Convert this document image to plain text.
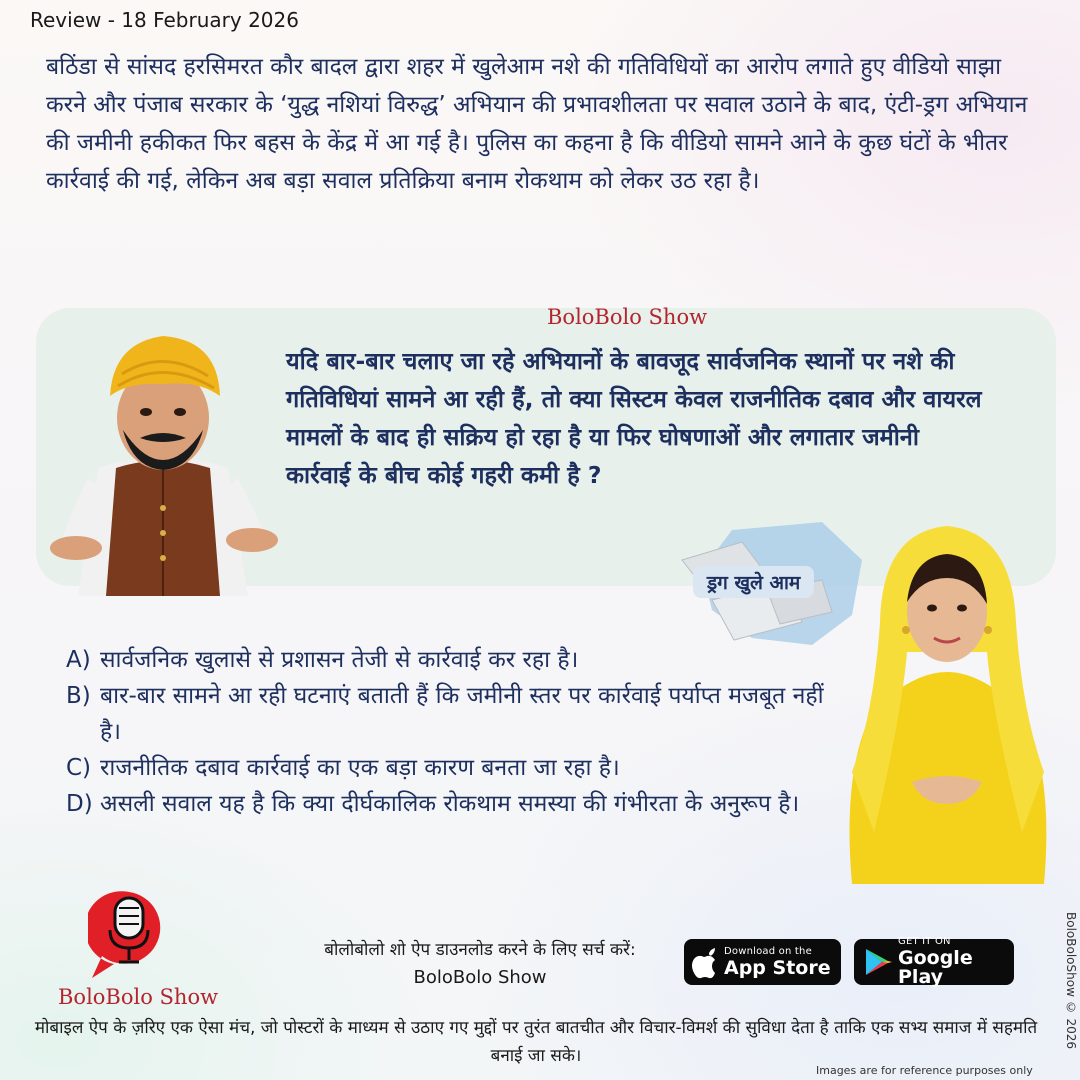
Review - 18 February 2026

बठिंडा से सांसद हरसिमरत कौर बादल द्वारा शहर में खुलेआम नशे की गतिविधियों का आरोप लगाते हुए वीडियो साझा करने और पंजाब सरकार के ‘युद्ध नशियां विरुद्ध’ अभियान की प्रभावशीलता पर सवाल उठाने के बाद, एंटी-ड्रग अभियान की जमीनी हकीकत फिर बहस के केंद्र में आ गई है। पुलिस का कहना है कि वीडियो सामने आने के कुछ घंटों के भीतर कार्रवाई की गई, लेकिन अब बड़ा सवाल प्रतिक्रिया बनाम रोकथाम को लेकर उठ रहा है।

BoloBolo Show

यदि बार-बार चलाए जा रहे अभियानों के बावजूद सार्वजनिक स्थानों पर नशे की गतिविधियां सामने आ रही हैं, तो क्या सिस्टम केवल राजनीतिक दबाव और वायरल मामलों के बाद ही सक्रिय हो रहा है या फिर घोषणाओं और लगातार जमीनी कार्रवाई के बीच कोई गहरी कमी है ?

ड्रग खुले आम
A) सार्वजनिक खुलासे से प्रशासन तेजी से कार्रवाई कर रहा है।
B) बार-बार सामने आ रही घटनाएं बताती हैं कि जमीनी स्तर पर कार्रवाई पर्याप्त मजबूत नहीं है।
C) राजनीतिक दबाव कार्रवाई का एक बड़ा कारण बनता जा रहा है।
D) असली सवाल यह है कि क्या दीर्घकालिक रोकथाम समस्या की गंभीरता के अनुरूप है।
BoloBolo Show
बोलोबोलो शो ऐप डाउनलोड करने के लिए सर्च करें:
BoloBolo Show
Download on the
App Store
GET IT ON
Google Play

मोबाइल ऐप के ज़रिए एक ऐसा मंच, जो पोस्टरों के माध्यम से उठाए गए मुद्दों पर तुरंत बातचीत और विचार-विमर्श की सुविधा देता है ताकि एक सभ्य समाज में सहमति बनाई जा सके।

BoloBoloShow © 2026
Images are for reference purposes only
